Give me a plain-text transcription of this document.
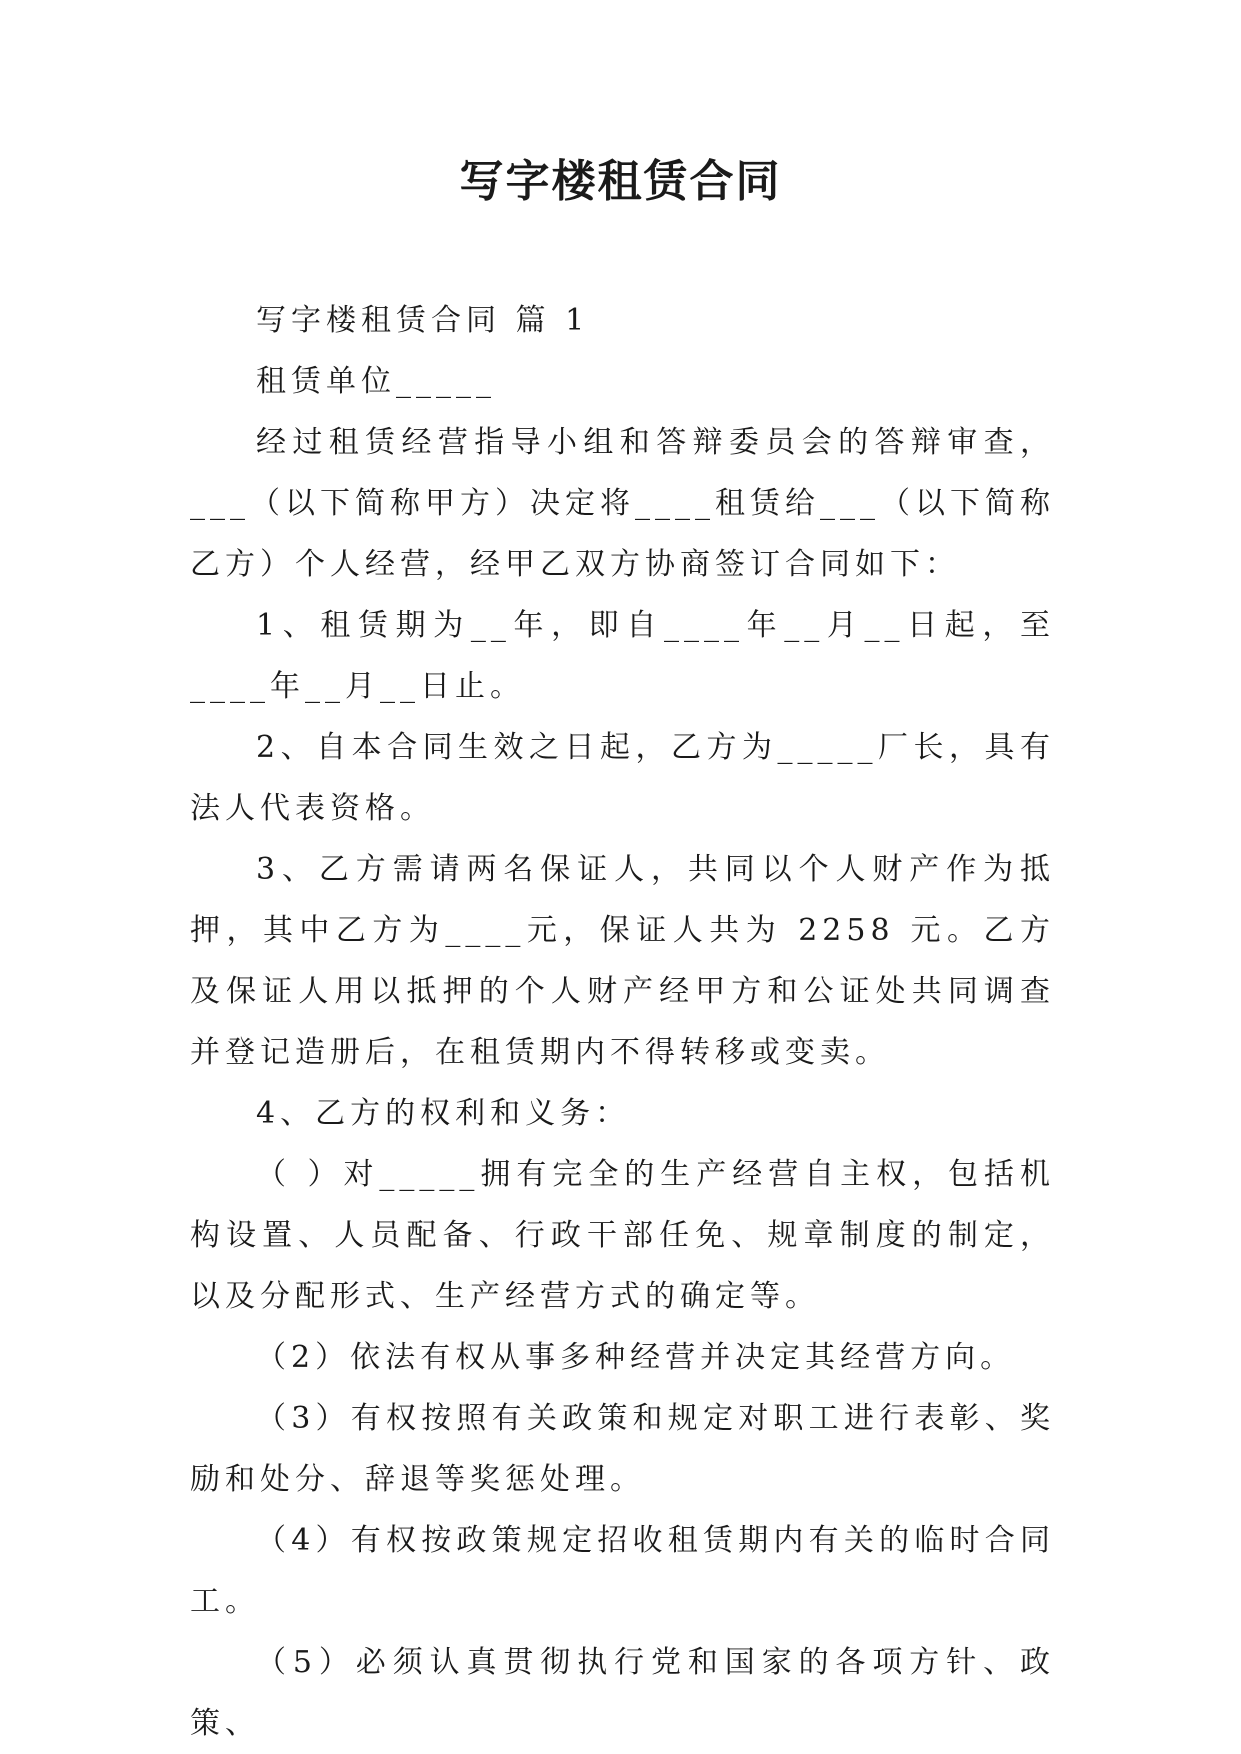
写字楼租赁合同

写字楼租赁合同 篇 1

租赁单位_____

经过租赁经营指导小组和答辩委员会的答辩审查，___（以下简称甲方）决定将____租赁给___（以下简称乙方）个人经营，经甲乙双方协商签订合同如下：

1、租赁期为__年，即自____年__月__日起，至____年__月__日止。

2、自本合同生效之日起，乙方为_____厂长，具有法人代表资格。

3、乙方需请两名保证人，共同以个人财产作为抵押，其中乙方为____元，保证人共为 2258 元。乙方及保证人用以抵押的个人财产经甲方和公证处共同调查并登记造册后，在租赁期内不得转移或变卖。

4、乙方的权利和义务：

（ ）对_____拥有完全的生产经营自主权，包括机构设置、人员配备、行政干部任免、规章制度的制定，以及分配形式、生产经营方式的确定等。

（2）依法有权从事多种经营并决定其经营方向。

（3）有权按照有关政策和规定对职工进行表彰、奖励和处分、辞退等奖惩处理。

（4）有权按政策规定招收租赁期内有关的临时合同工。

（5）必须认真贯彻执行党和国家的各项方针、政策、
